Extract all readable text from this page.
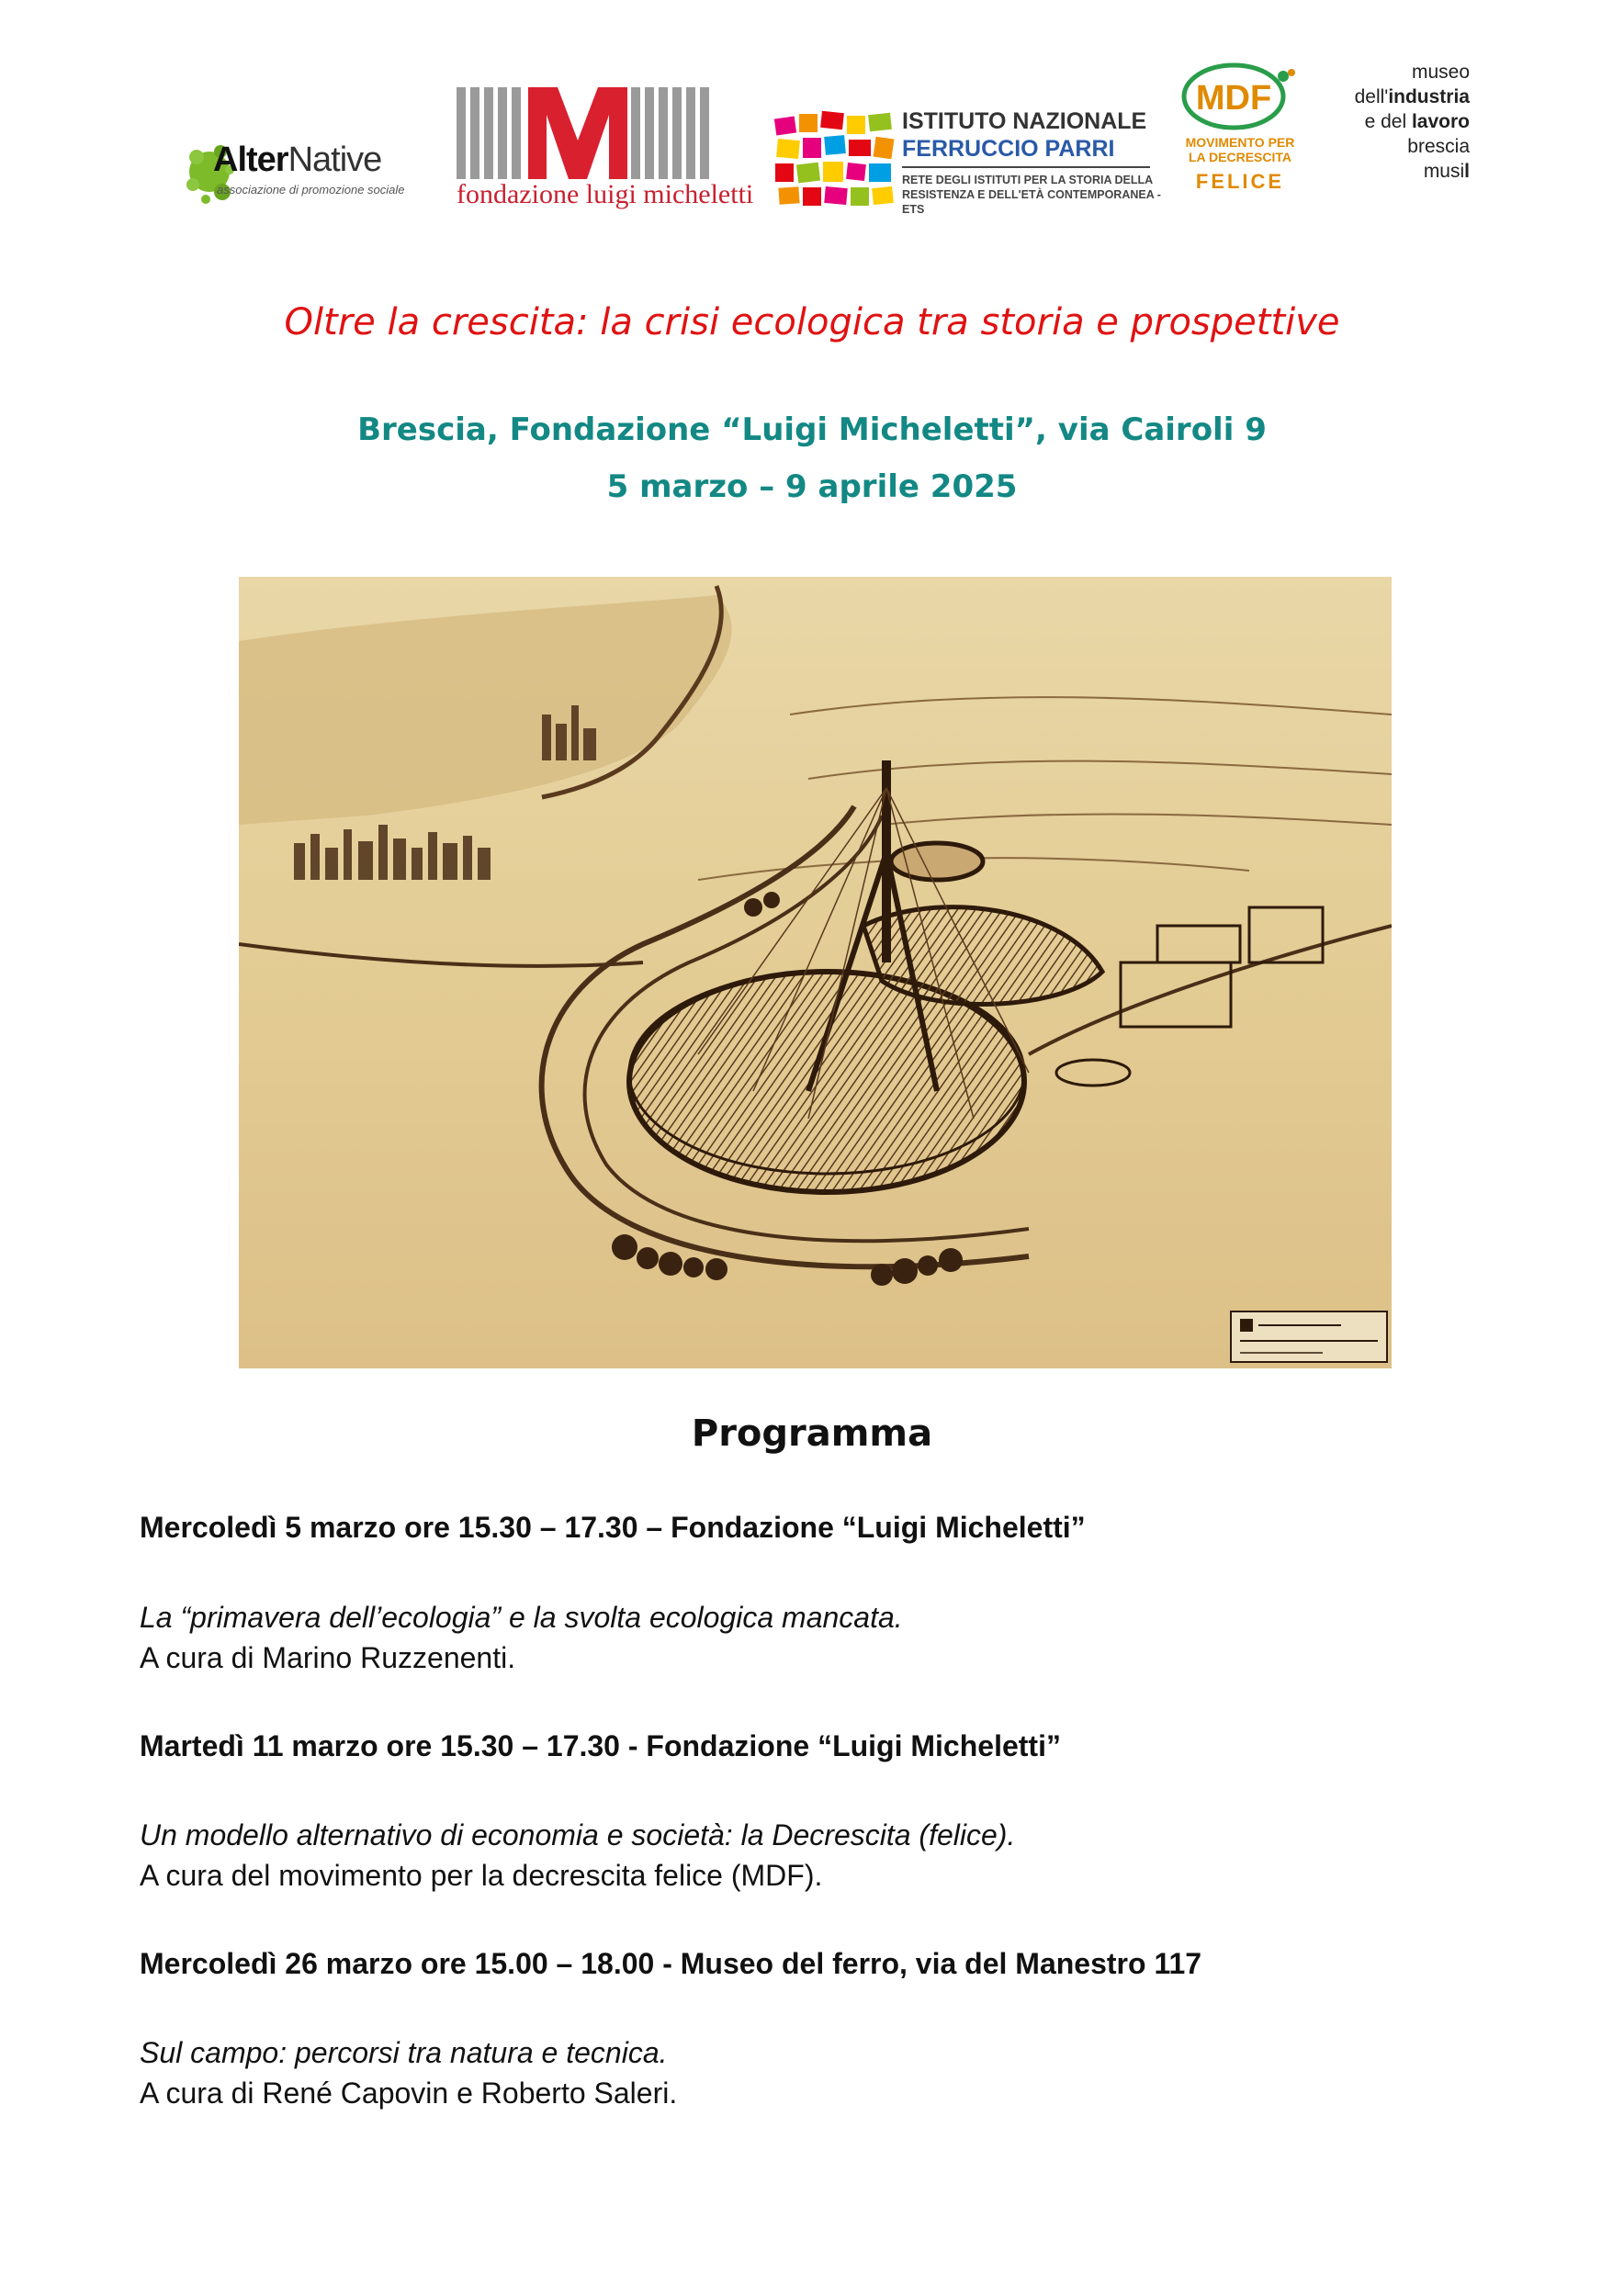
AlterNative
associazione di promozione sociale fondazione luigi micheletti
ISTITUTO NAZIONALE
FERRUCCIO PARRI
RETE DEGLI ISTITUTI PER LA STORIA DELLA RESISTENZA E DELL'ETÀ CONTEMPORANEA - ETS
MDF
MOVIMENTO PER LA DECRESCITA
FELICE
museo
dell'industria
e del lavoro
brescia
musil
Oltre la crescita: la crisi ecologica tra storia e prospettive
Brescia, Fondazione “Luigi Micheletti”, via Cairoli 9
5 marzo – 9 aprile 2025
Programma
Mercoledì 5 marzo ore 15.30 – 17.30 – Fondazione “Luigi Micheletti”
La “primavera dell’ecologia” e la svolta ecologica mancata.
A cura di Marino Ruzzenenti.
Martedì 11 marzo ore 15.30 – 17.30 - Fondazione “Luigi Micheletti”
Un modello alternativo di economia e società: la Decrescita (felice).
A cura del movimento per la decrescita felice (MDF).
Mercoledì 26 marzo ore 15.00 – 18.00 - Museo del ferro, via del Manestro 117
Sul campo: percorsi tra natura e tecnica.
A cura di René Capovin e Roberto Saleri.
